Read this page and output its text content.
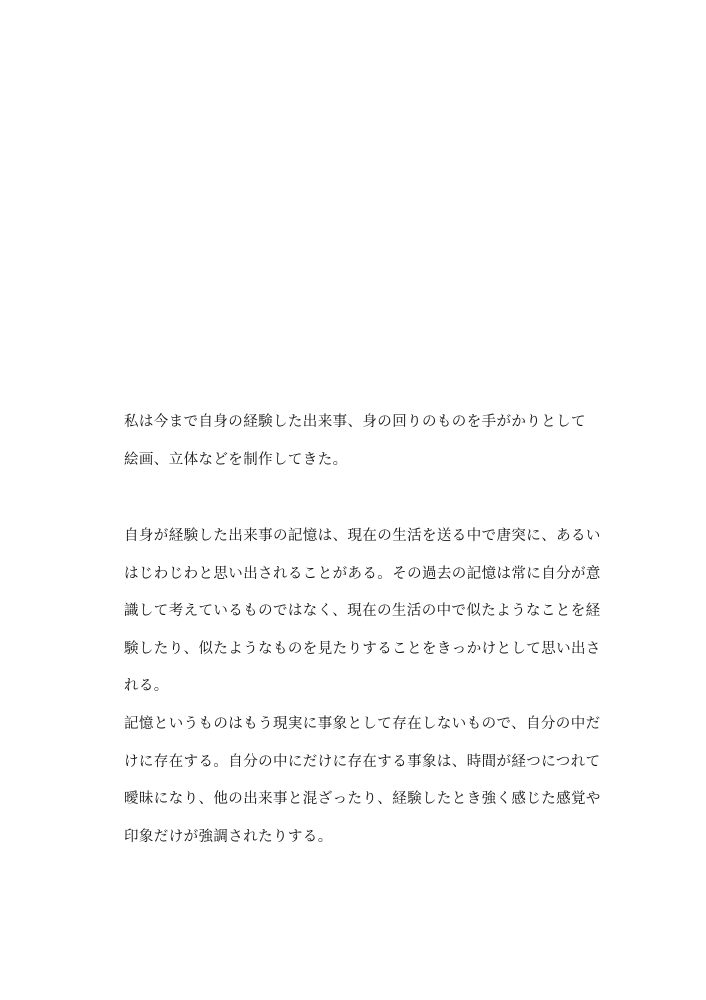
私は今まで自身の経験した出来事、身の回りのものを手がかりとして
絵画、立体などを制作してきた。
自身が経験した出来事の記憶は、現在の生活を送る中で唐突に、あるい
はじわじわと思い出されることがある。その過去の記憶は常に自分が意
識して考えているものではなく、現在の生活の中で似たようなことを経
験したり、似たようなものを見たりすることをきっかけとして思い出さ
れる。
記憶というものはもう現実に事象として存在しないもので、自分の中だ
けに存在する。自分の中にだけに存在する事象は、時間が経つにつれて
曖昧になり、他の出来事と混ざったり、経験したとき強く感じた感覚や
印象だけが強調されたりする。
